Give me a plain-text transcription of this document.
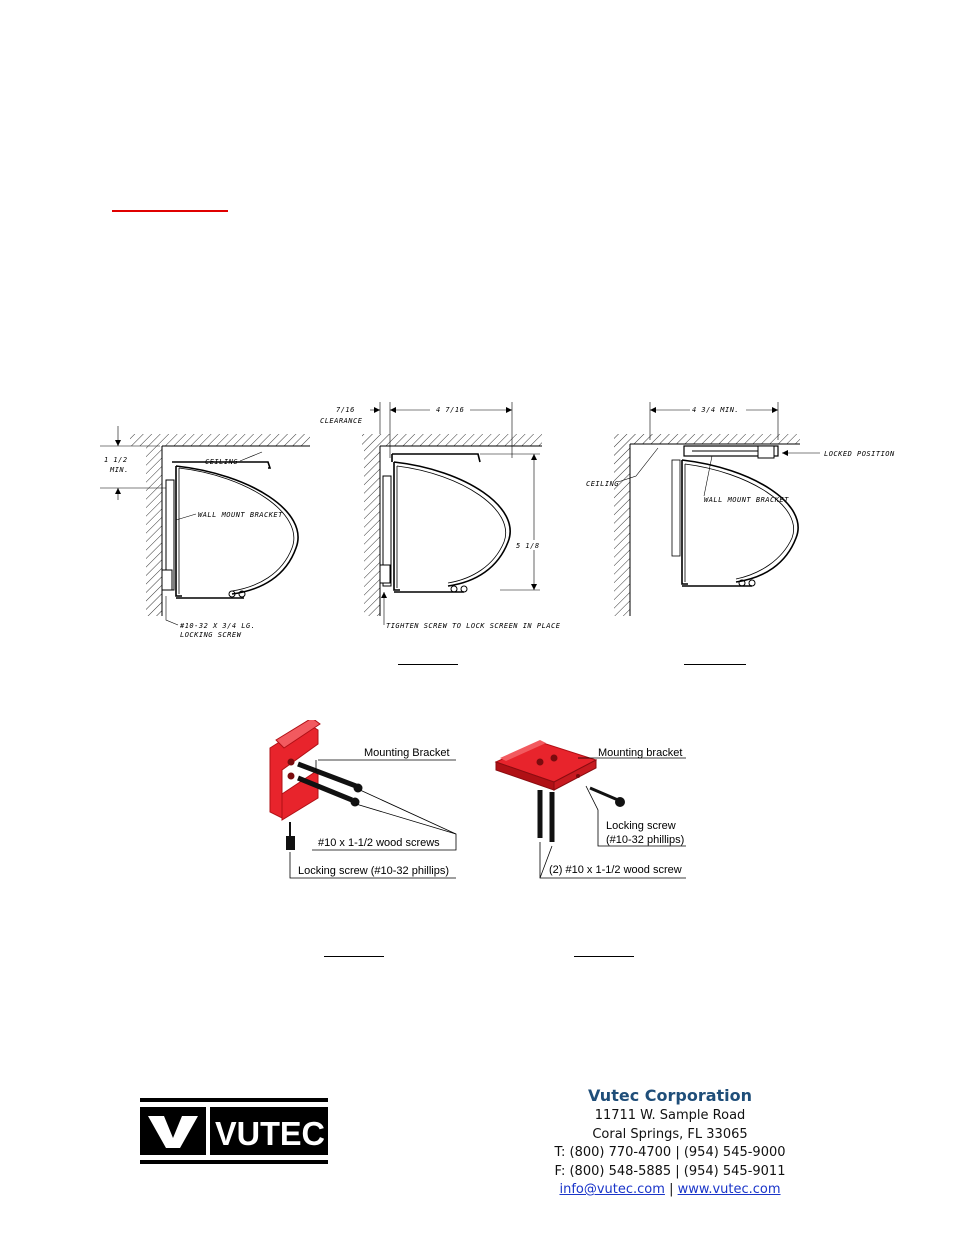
1 1/2
MIN.
CEILING
WALL MOUNT BRACKET
#10-32 X 3/4 LG.
LOCKING SCREW
7/16
CLEARANCE
4 7/16
5 1/8
TIGHTEN SCREW TO LOCK SCREEN IN PLACE
4 3/4 MIN.
LOCKED POSITION
CEILING
WALL MOUNT BRACKET
Mounting Bracket
#10 x 1-1/2 wood screws
Locking screw (#10-32 phillips)
Mounting bracket
Locking screw
(#10-32 phillips)
(2) #10 x 1-1/2 wood screw
VUTEC
Vutec Corporation
11711 W. Sample Road
Coral Springs, FL 33065
T: (800) 770-4700 | (954) 545-9000
F: (800) 548-5885 | (954) 545-9011
info@vutec.com | www.vutec.com
